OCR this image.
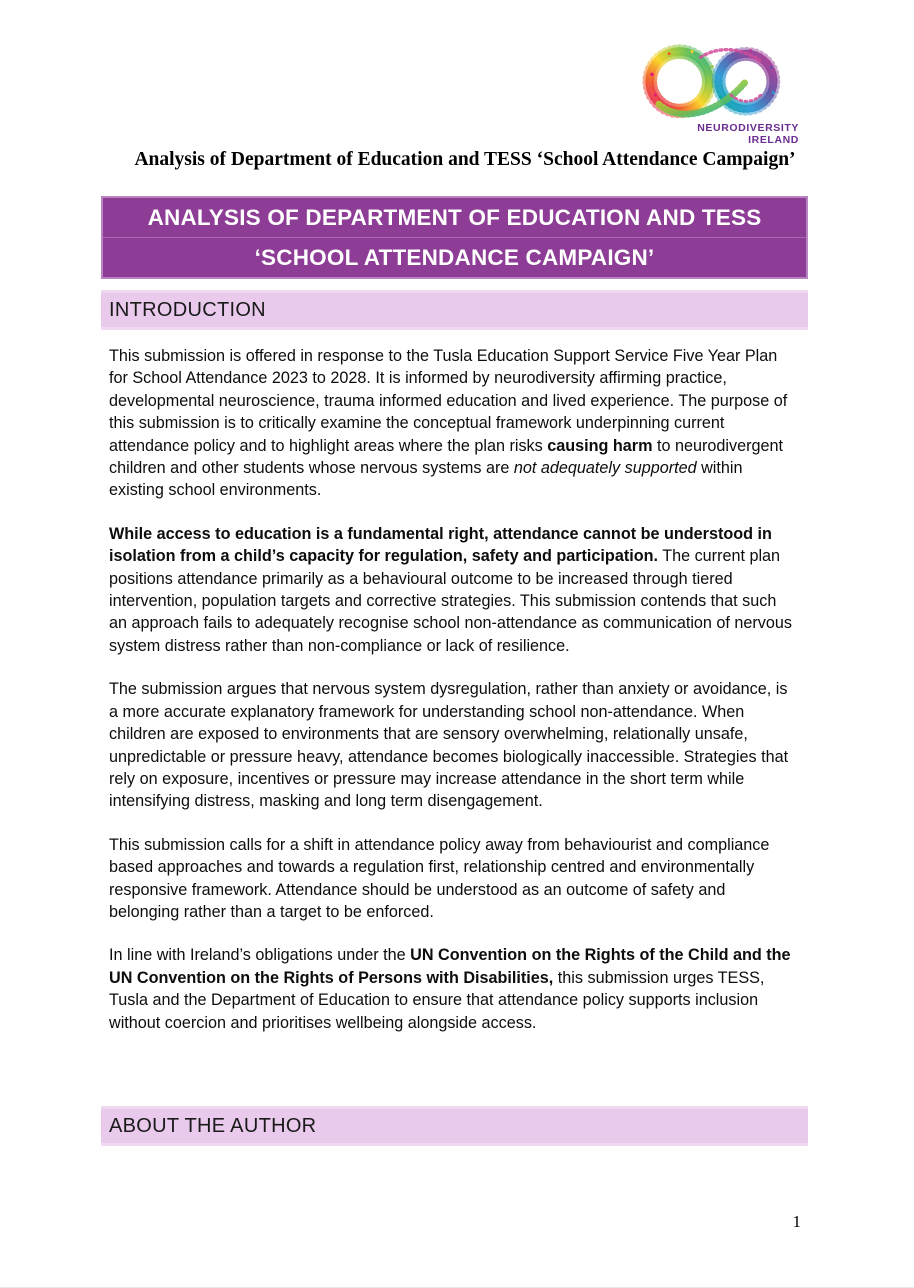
NEURODIVERSITY
IRELAND
Analysis of Department of Education and TESS ‘School Attendance Campaign’
ANALYSIS OF DEPARTMENT OF EDUCATION AND TESS
‘SCHOOL ATTENDANCE CAMPAIGN’
INTRODUCTION

This submission is offered in response to the Tusla Education Support Service Five Year Plan for School Attendance 2023 to 2028. It is informed by neurodiversity affirming practice, developmental neuroscience, trauma informed education and lived experience. The purpose of this submission is to critically examine the conceptual framework underpinning current attendance policy and to highlight areas where the plan risks causing harm to neurodivergent children and other students whose nervous systems are not adequately supported within existing school environments.

While access to education is a fundamental right, attendance cannot be understood in isolation from a child’s capacity for regulation, safety and participation. The current plan positions attendance primarily as a behavioural outcome to be increased through tiered intervention, population targets and corrective strategies. This submission contends that such an approach fails to adequately recognise school non-attendance as communication of nervous system distress rather than non-compliance or lack of resilience.

The submission argues that nervous system dysregulation, rather than anxiety or avoidance, is a more accurate explanatory framework for understanding school non-attendance. When children are exposed to environments that are sensory overwhelming, relationally unsafe, unpredictable or pressure heavy, attendance becomes biologically inaccessible. Strategies that rely on exposure, incentives or pressure may increase attendance in the short term while intensifying distress, masking and long term disengagement.

This submission calls for a shift in attendance policy away from behaviourist and compliance based approaches and towards a regulation first, relationship centred and environmentally responsive framework. Attendance should be understood as an outcome of safety and belonging rather than a target to be enforced.

In line with Ireland’s obligations under the UN Convention on the Rights of the Child and the UN Convention on the Rights of Persons with Disabilities, this submission urges TESS, Tusla and the Department of Education to ensure that attendance policy supports inclusion without coercion and prioritises wellbeing alongside access.

ABOUT THE AUTHOR
1
